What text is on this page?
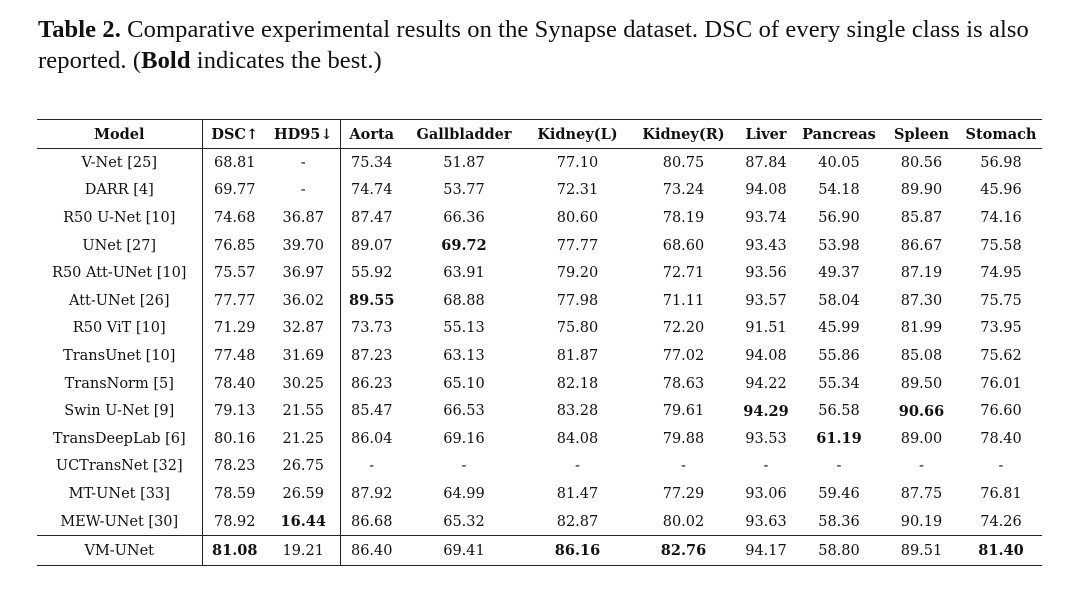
Table 2. Comparative experimental results on the Synapse dataset. DSC of every single class is also reported. (Bold indicates the best.)
Model	DSC↑	HD95↓	Aorta	Gallbladder	Kidney(L)	Kidney(R)	Liver	Pancreas	Spleen	Stomach
V-Net [25]	68.81	-	75.34	51.87	77.10	80.75	87.84	40.05	80.56	56.98
DARR [4]	69.77	-	74.74	53.77	72.31	73.24	94.08	54.18	89.90	45.96
R50 U-Net [10]	74.68	36.87	87.47	66.36	80.60	78.19	93.74	56.90	85.87	74.16
UNet [27]	76.85	39.70	89.07	69.72	77.77	68.60	93.43	53.98	86.67	75.58
R50 Att-UNet [10]	75.57	36.97	55.92	63.91	79.20	72.71	93.56	49.37	87.19	74.95
Att-UNet [26]	77.77	36.02	89.55	68.88	77.98	71.11	93.57	58.04	87.30	75.75
R50 ViT [10]	71.29	32.87	73.73	55.13	75.80	72.20	91.51	45.99	81.99	73.95
TransUnet [10]	77.48	31.69	87.23	63.13	81.87	77.02	94.08	55.86	85.08	75.62
TransNorm [5]	78.40	30.25	86.23	65.10	82.18	78.63	94.22	55.34	89.50	76.01
Swin U-Net [9]	79.13	21.55	85.47	66.53	83.28	79.61	94.29	56.58	90.66	76.60
TransDeepLab [6]	80.16	21.25	86.04	69.16	84.08	79.88	93.53	61.19	89.00	78.40
UCTransNet [32]	78.23	26.75	-	-	-	-	-	-	-	-
MT-UNet [33]	78.59	26.59	87.92	64.99	81.47	77.29	93.06	59.46	87.75	76.81
MEW-UNet [30]	78.92	16.44	86.68	65.32	82.87	80.02	93.63	58.36	90.19	74.26
VM-UNet	81.08	19.21	86.40	69.41	86.16	82.76	94.17	58.80	89.51	81.40
